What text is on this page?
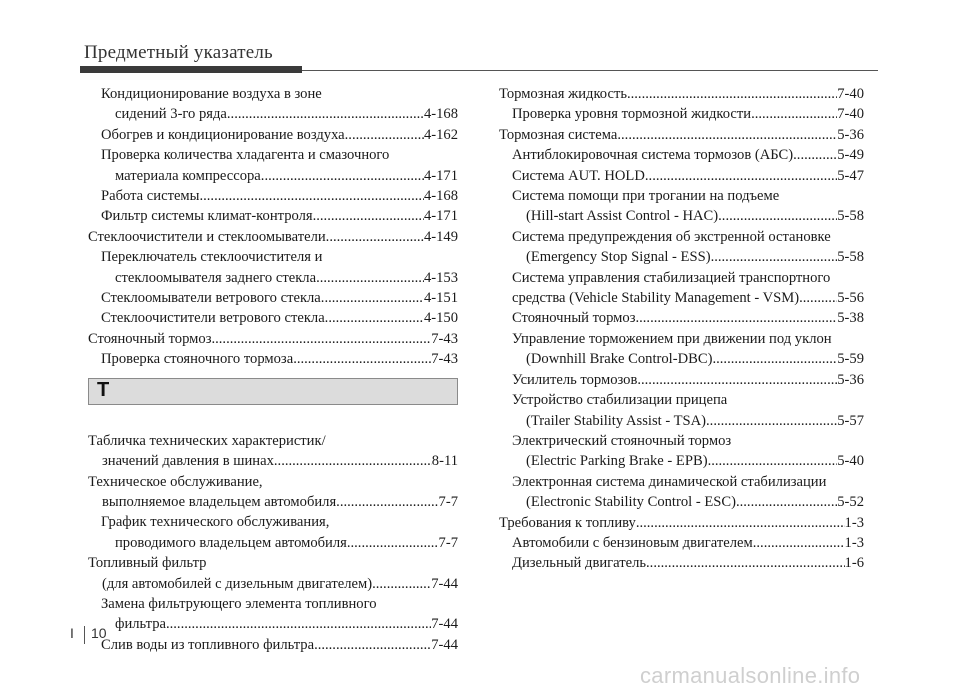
Предметный указатель
Кондиционирование воздуха в зоне
сидений 3-го ряда .....	4-168
Обогрев и кондиционирование воздуха .....	4-162
Проверка количества хладагента и смазочного
материала компрессора .....	4-171
Работа системы .....	4-168
Фильтр системы климат-контроля .....	4-171
Стеклоочистители и стеклоомыватели .....	4-149
Переключатель стеклоочистителя и
стеклоомывателя заднего стекла .....	4-153
Стеклоомыватели ветрового стекла .....	4-151
Стеклоочистители ветрового стекла .....	4-150
Стояночный тормоз .....	7-43
Проверка стояночного тормоза .....	7-43
Т
Табличка технических характеристик/
значений давления в шинах .....	8-11
Техническое обслуживание,
выполняемое владельцем автомобиля .....	7-7
График технического обслуживания,
проводимого владельцем автомобиля .....	7-7
Топливный фильтр
(для автомобилей с дизельным двигателем) .....	7-44
Замена фильтрующего элемента топливного
фильтра .....	7-44
Слив воды из топливного фильтра .....	7-44
Тормозная жидкость .....	7-40
Проверка уровня тормозной жидкости .....	7-40
Тормозная система .....	5-36
Антиблокировочная система тормозов (АБС) .....	5-49
Система AUT. HOLD .....	5-47
Система помощи при трогании на подъеме
(Hill-start Assist Control - HAC) .....	5-58
Система предупреждения об экстренной остановке
(Emergency Stop Signal - ESS) .....	5-58
Система управления стабилизацией транспортного
средства (Vehicle Stability Management - VSM) .....	5-56
Стояночный тормоз .....	5-38
Управление торможением при движении под уклон
(Downhill Brake Control-DBC) .....	5-59
Усилитель тормозов .....	5-36
Устройство стабилизации прицепа
(Trailer Stability Assist - TSA) .....	5-57
Электрический стояночный тормоз
(Electric Parking Brake - EPB) .....	5-40
Электронная система динамической стабилизации
(Electronic Stability Control - ESC) .....	5-52
Требования к топливу .....	1-3
Автомобили с бензиновым двигателем .....	1-3
Дизельный двигатель .....	1-6
I 10
carmanualsonline.info
